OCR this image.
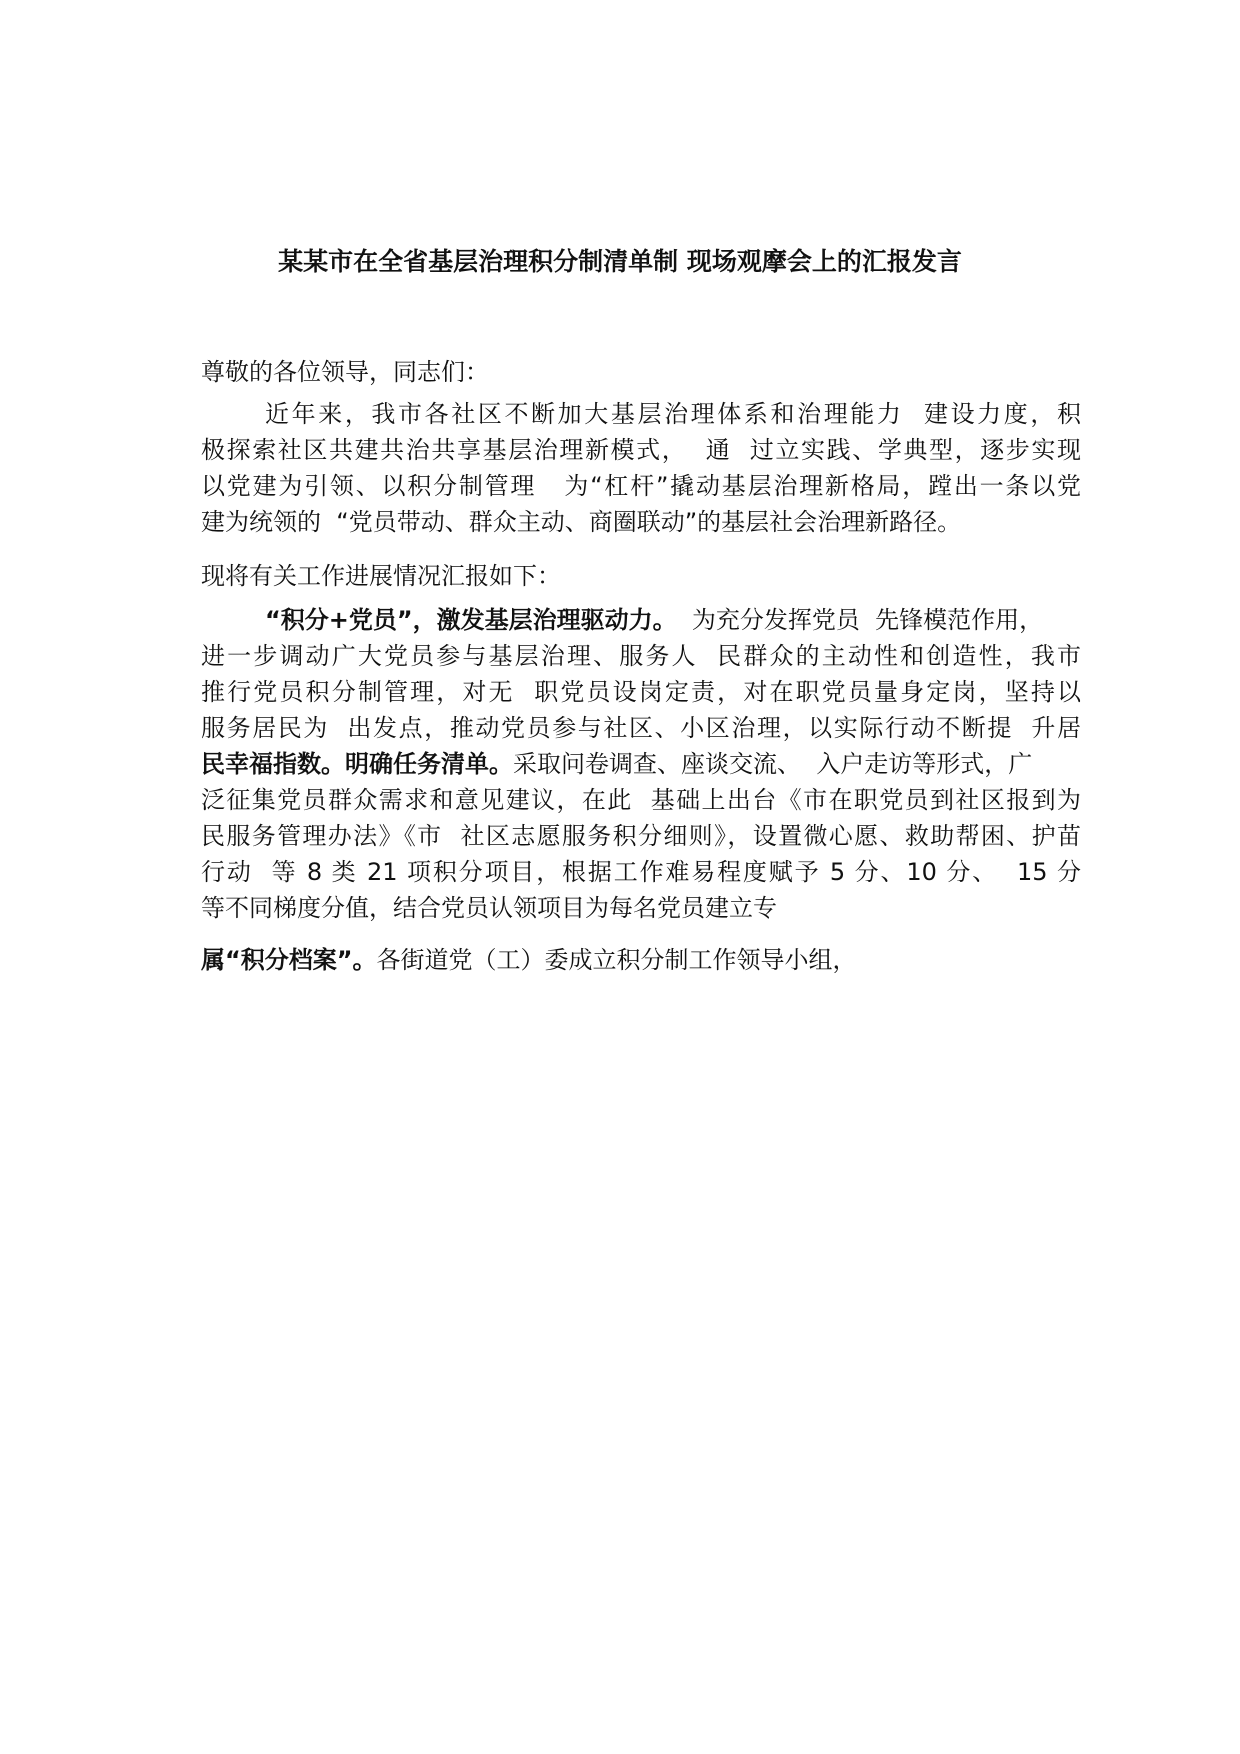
某某市在全省基层治理积分制清单制 现场观摩会上的汇报发言

尊敬的各位领导，同志们：

近年来，我市各社区不断加大基层治理体系和治理能力  建设力度，积

极探索社区共建共治共享基层治理新模式，  通  过立实践、学典型，逐步实现

以党建为引领、以积分制管理   为“杠杆”撬动基层治理新格局，蹚出一条以党

建为统领的  “党员带动、群众主动、商圈联动”的基层社会治理新路径。

现将有关工作进展情况汇报如下：

“积分+党员”，激发基层治理驱动力。  为充分发挥党员  先锋模范作用，

进一步调动广大党员参与基层治理、服务人  民群众的主动性和创造性，我市

推行党员积分制管理，对无  职党员设岗定责，对在职党员量身定岗，坚持以

服务居民为  出发点，推动党员参与社区、小区治理，以实际行动不断提  升居

民幸福指数。明确任务清单。采取问卷调查、座谈交流、  入户走访等形式，广

泛征集党员群众需求和意见建议，在此  基础上出台《市在职党员到社区报到为

民服务管理办法》《市  社区志愿服务积分细则》，设置微心愿、救助帮困、护苗

行动  等 8 类 21 项积分项目，根据工作难易程度赋予 5 分、10 分、  15 分

等不同梯度分值，结合党员认领项目为每名党员建立专

属“积分档案”。各街道党（工）委成立积分制工作领导小组，
